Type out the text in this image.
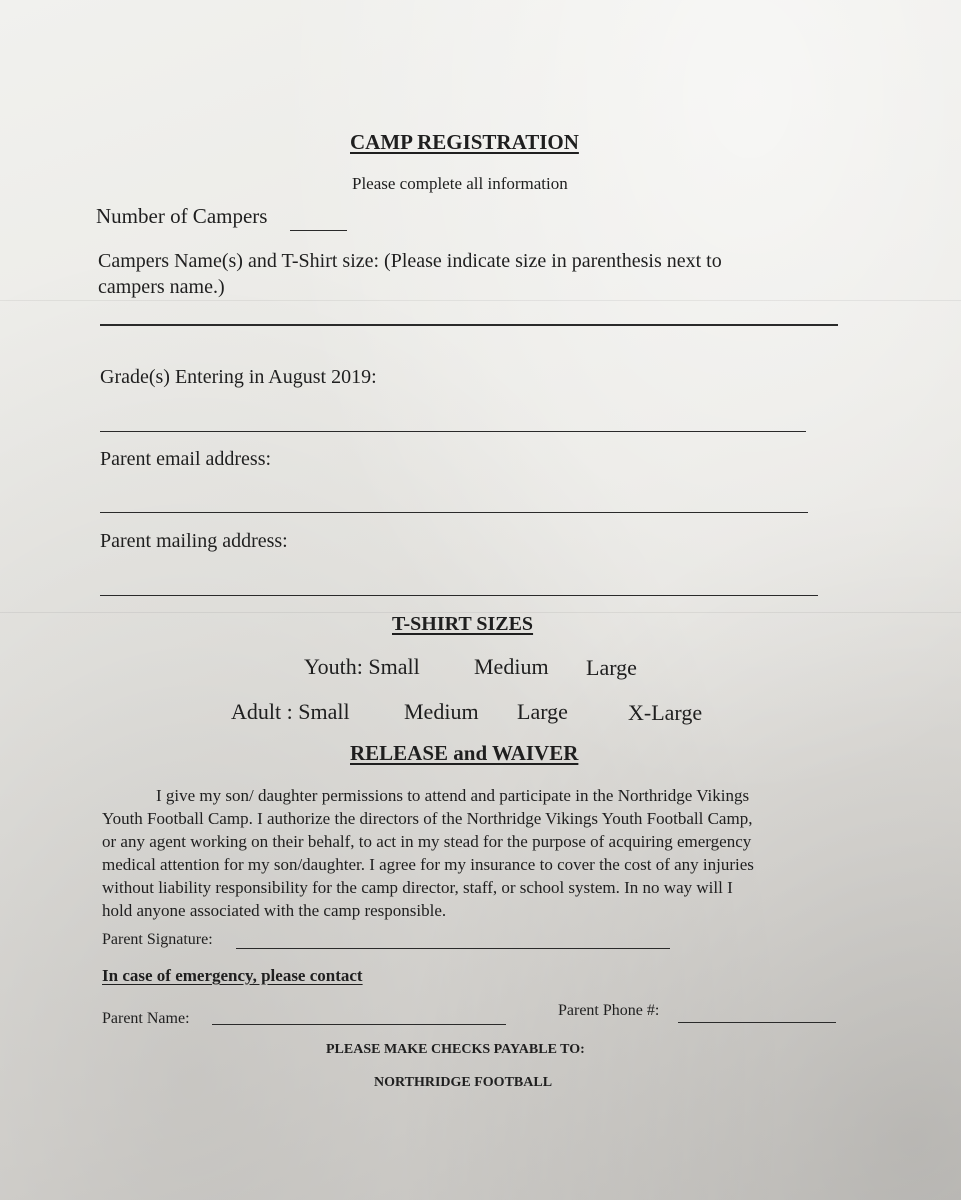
CAMP REGISTRATION

Please complete all information

Number of Campers

Campers Name(s) and T-Shirt size: (Please indicate size in parenthesis next to

campers name.)

Grade(s) Entering in August 2019:

Parent email address:

Parent mailing address:

T-SHIRT SIZES

Youth: Small Medium Large

Adult : Small Medium Large	X-Large

RELEASE and WAIVER

I give my son/ daughter permissions to attend and participate in the Northridge Vikings
Youth Football Camp. I authorize the directors of the Northridge Vikings Youth Football Camp,
or any agent working on their behalf, to act in my stead for the purpose of acquiring emergency
medical attention for my son/daughter. I agree for my insurance to cover the cost of any injuries
without liability responsibility for the camp director, staff, or school system. In no way will I
hold anyone associated with the camp responsible.

Parent Signature:

In case of emergency, please contact

Parent Name:	Parent Phone #:

PLEASE MAKE CHECKS PAYABLE TO:

NORTHRIDGE FOOTBALL
